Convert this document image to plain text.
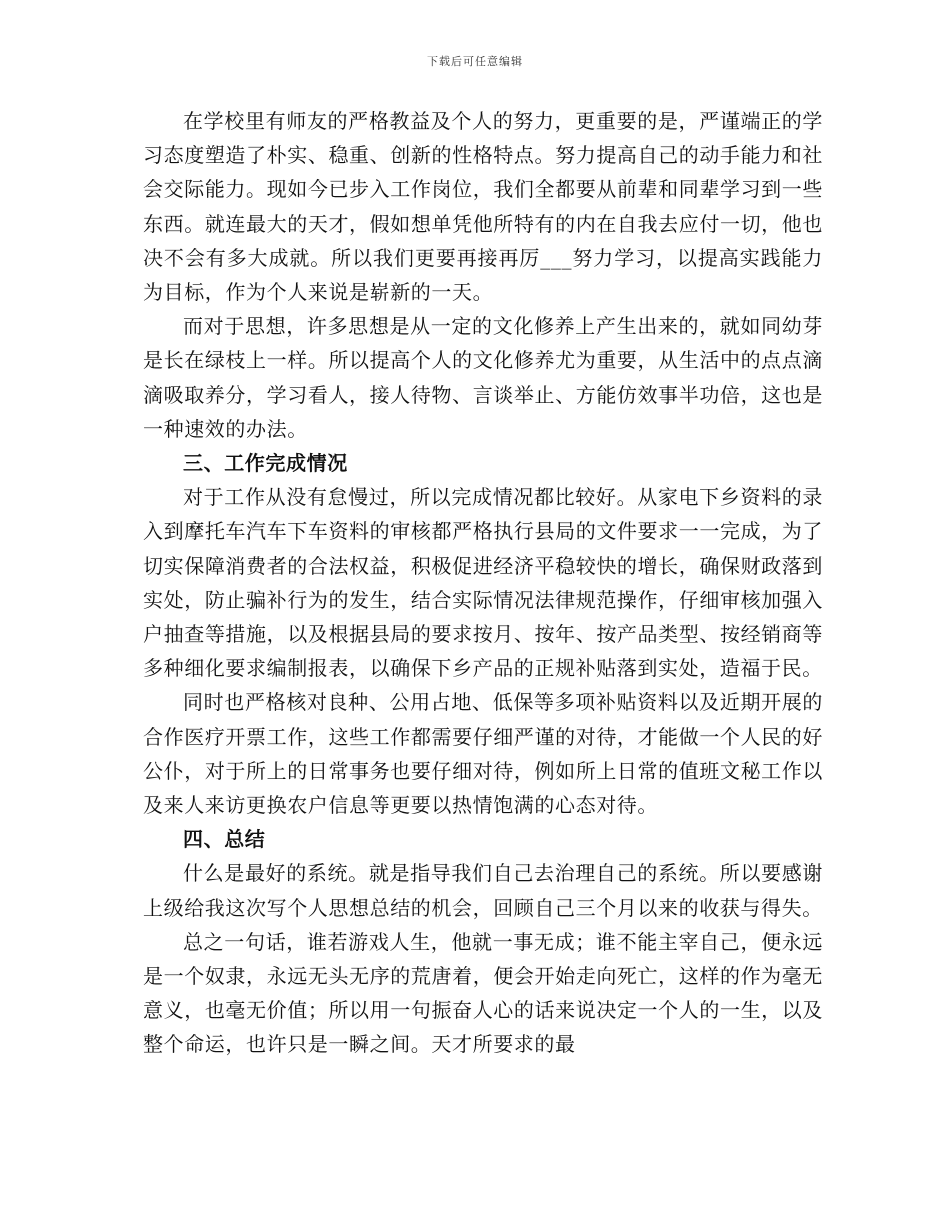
下载后可任意编辑

在学校里有师友的严格教益及个人的努力，更重要的是，严谨端正的学习态度塑造了朴实、稳重、创新的性格特点。努力提高自己的动手能力和社会交际能力。现如今已步入工作岗位，我们全都要从前辈和同辈学习到一些东西。就连最大的天才，假如想单凭他所特有的内在自我去应付一切，他也决不会有多大成就。所以我们更要再接再厉___努力学习，以提高实践能力为目标，作为个人来说是崭新的一天。

而对于思想，许多思想是从一定的文化修养上产生出来的，就如同幼芽是长在绿枝上一样。所以提高个人的文化修养尤为重要，从生活中的点点滴滴吸取养分，学习看人，接人待物、言谈举止、方能仿效事半功倍，这也是一种速效的办法。

三、工作完成情况

对于工作从没有怠慢过，所以完成情况都比较好。从家电下乡资料的录入到摩托车汽车下车资料的审核都严格执行县局的文件要求一一完成，为了切实保障消费者的合法权益，积极促进经济平稳较快的增长，确保财政落到实处，防止骗补行为的发生，结合实际情况法律规范操作，仔细审核加强入户抽查等措施，以及根据县局的要求按月、按年、按产品类型、按经销商等多种细化要求编制报表，以确保下乡产品的正规补贴落到实处，造福于民。

同时也严格核对良种、公用占地、低保等多项补贴资料以及近期开展的合作医疗开票工作，这些工作都需要仔细严谨的对待，才能做一个人民的好公仆，对于所上的日常事务也要仔细对待，例如所上日常的值班文秘工作以及来人来访更换农户信息等更要以热情饱满的心态对待。

四、总结

什么是最好的系统。就是指导我们自己去治理自己的系统。所以要感谢上级给我这次写个人思想总结的机会，回顾自己三个月以来的收获与得失。

总之一句话，谁若游戏人生，他就一事无成；谁不能主宰自己，便永远是一个奴隶，永远无头无序的荒唐着，便会开始走向死亡，这样的作为毫无意义，也毫无价值；所以用一句振奋人心的话来说决定一个人的一生，以及整个命运，也许只是一瞬之间。天才所要求的最
